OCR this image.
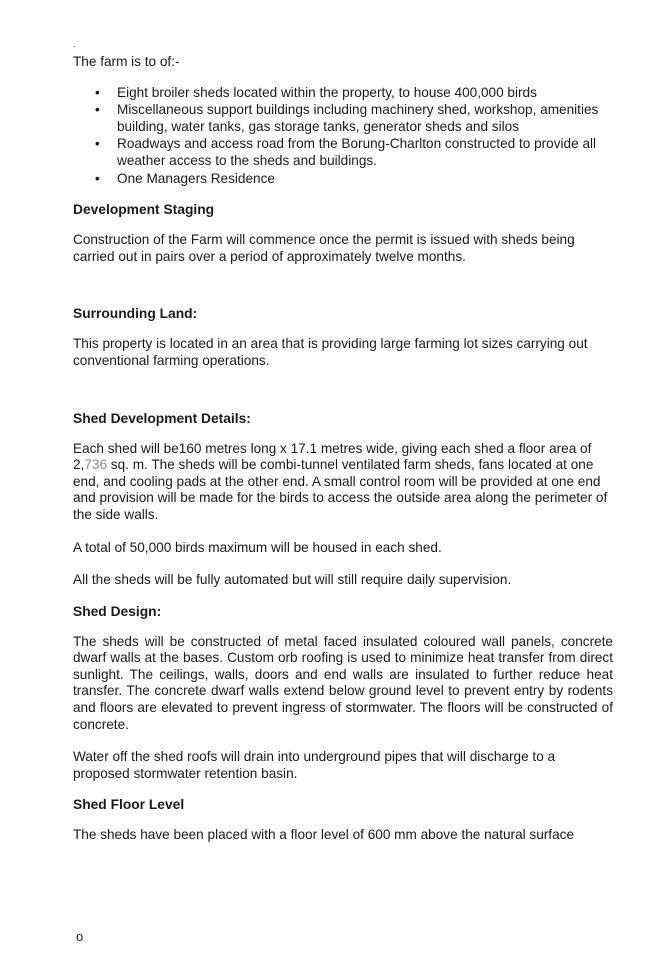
.

The farm is to of:-

• Eight broiler sheds located within the property, to house 400,000 birds
• Miscellaneous support buildings including machinery shed, workshop, amenities building, water tanks, gas storage tanks, generator sheds and silos
• Roadways and access road from the Borung-Charlton constructed to provide all weather access to the sheds and buildings.
• One Managers Residence
Development Staging

Construction of the Farm will commence once the permit is issued with sheds being carried out in pairs over a period of approximately twelve months.

Surrounding Land:

This property is located in an area that is providing large farming lot sizes carrying out conventional farming operations.

Shed Development Details:

Each shed will be160 metres long x 17.1 metres wide, giving each shed a floor area of 2,736 sq. m. The sheds will be combi-tunnel ventilated farm sheds, fans located at one end, and cooling pads at the other end. A small control room will be provided at one end and provision will be made for the birds to access the outside area along the perimeter of the side walls.

A total of 50,000 birds maximum will be housed in each shed.

All the sheds will be fully automated but will still require daily supervision.

Shed Design:

The sheds will be constructed of metal faced insulated coloured wall panels, concrete dwarf walls at the bases. Custom orb roofing is used to minimize heat transfer from direct sunlight. The ceilings, walls, doors and end walls are insulated to further reduce heat transfer. The concrete dwarf walls extend below ground level to prevent entry by rodents and floors are elevated to prevent ingress of stormwater. The floors will be constructed of concrete.

Water off the shed roofs will drain into underground pipes that will discharge to a proposed stormwater retention basin.

Shed Floor Level

The sheds have been placed with a floor level of 600 mm above the natural surface

o
